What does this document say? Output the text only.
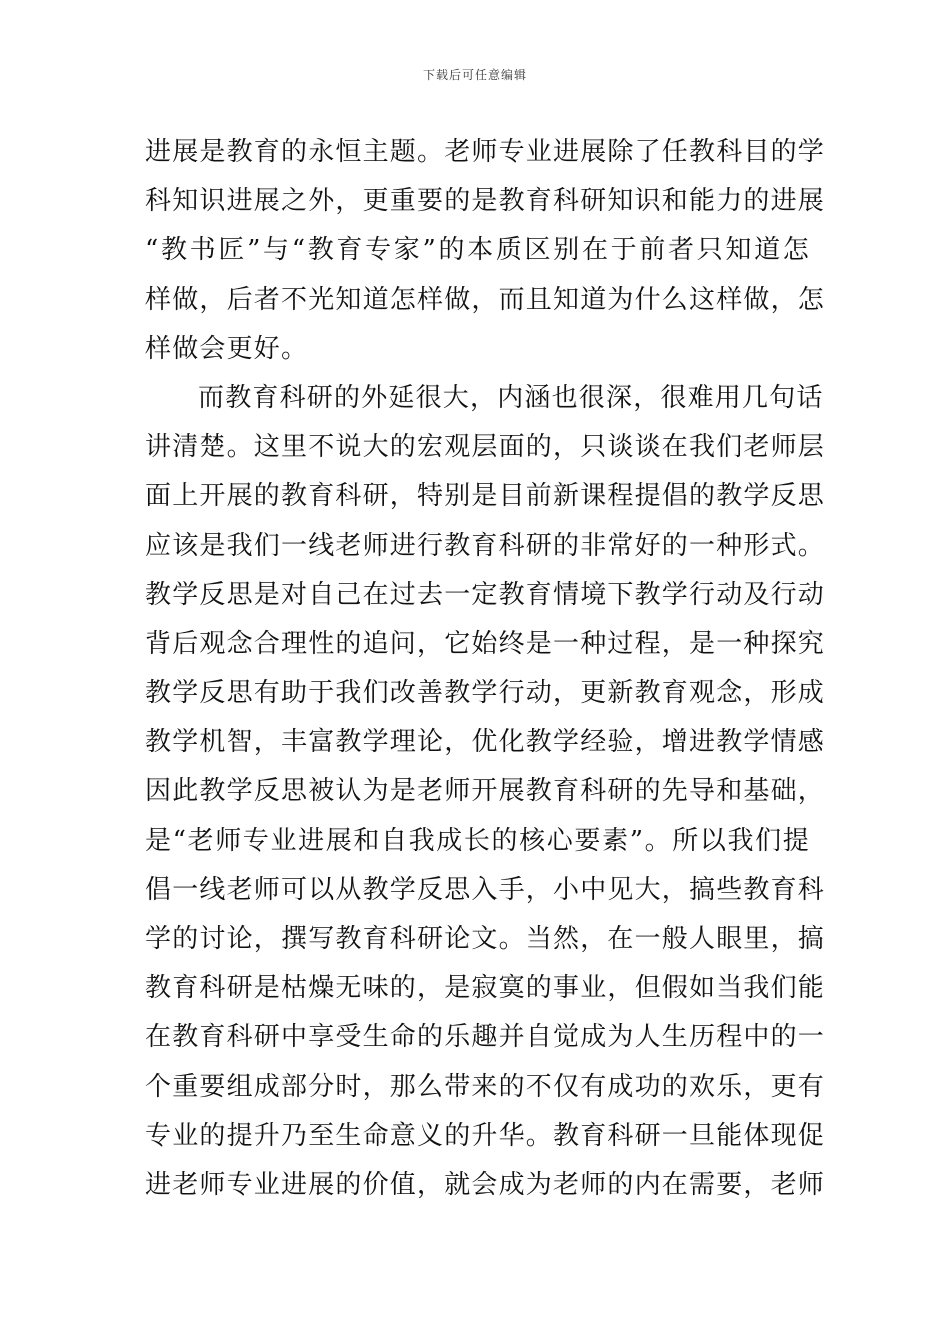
下载后可任意编辑
进展是教育的永恒主题。老师专业进展除了任教科目的学
科知识进展之外，更重要的是教育科研知识和能力的进展
“教书匠”与“教育专家”的本质区别在于前者只知道怎
样做，后者不光知道怎样做，而且知道为什么这样做，怎
样做会更好。
而教育科研的外延很大，内涵也很深，很难用几句话
讲清楚。这里不说大的宏观层面的，只谈谈在我们老师层
面上开展的教育科研，特别是目前新课程提倡的教学反思
应该是我们一线老师进行教育科研的非常好的一种形式。
教学反思是对自己在过去一定教育情境下教学行动及行动
背后观念合理性的追问，它始终是一种过程，是一种探究
教学反思有助于我们改善教学行动，更新教育观念，形成
教学机智，丰富教学理论，优化教学经验，增进教学情感
因此教学反思被认为是老师开展教育科研的先导和基础，
是“老师专业进展和自我成长的核心要素”。所以我们提
倡一线老师可以从教学反思入手，小中见大，搞些教育科
学的讨论，撰写教育科研论文。当然，在一般人眼里，搞
教育科研是枯燥无味的，是寂寞的事业，但假如当我们能
在教育科研中享受生命的乐趣并自觉成为人生历程中的一
个重要组成部分时，那么带来的不仅有成功的欢乐，更有
专业的提升乃至生命意义的升华。教育科研一旦能体现促
进老师专业进展的价值，就会成为老师的内在需要，老师
